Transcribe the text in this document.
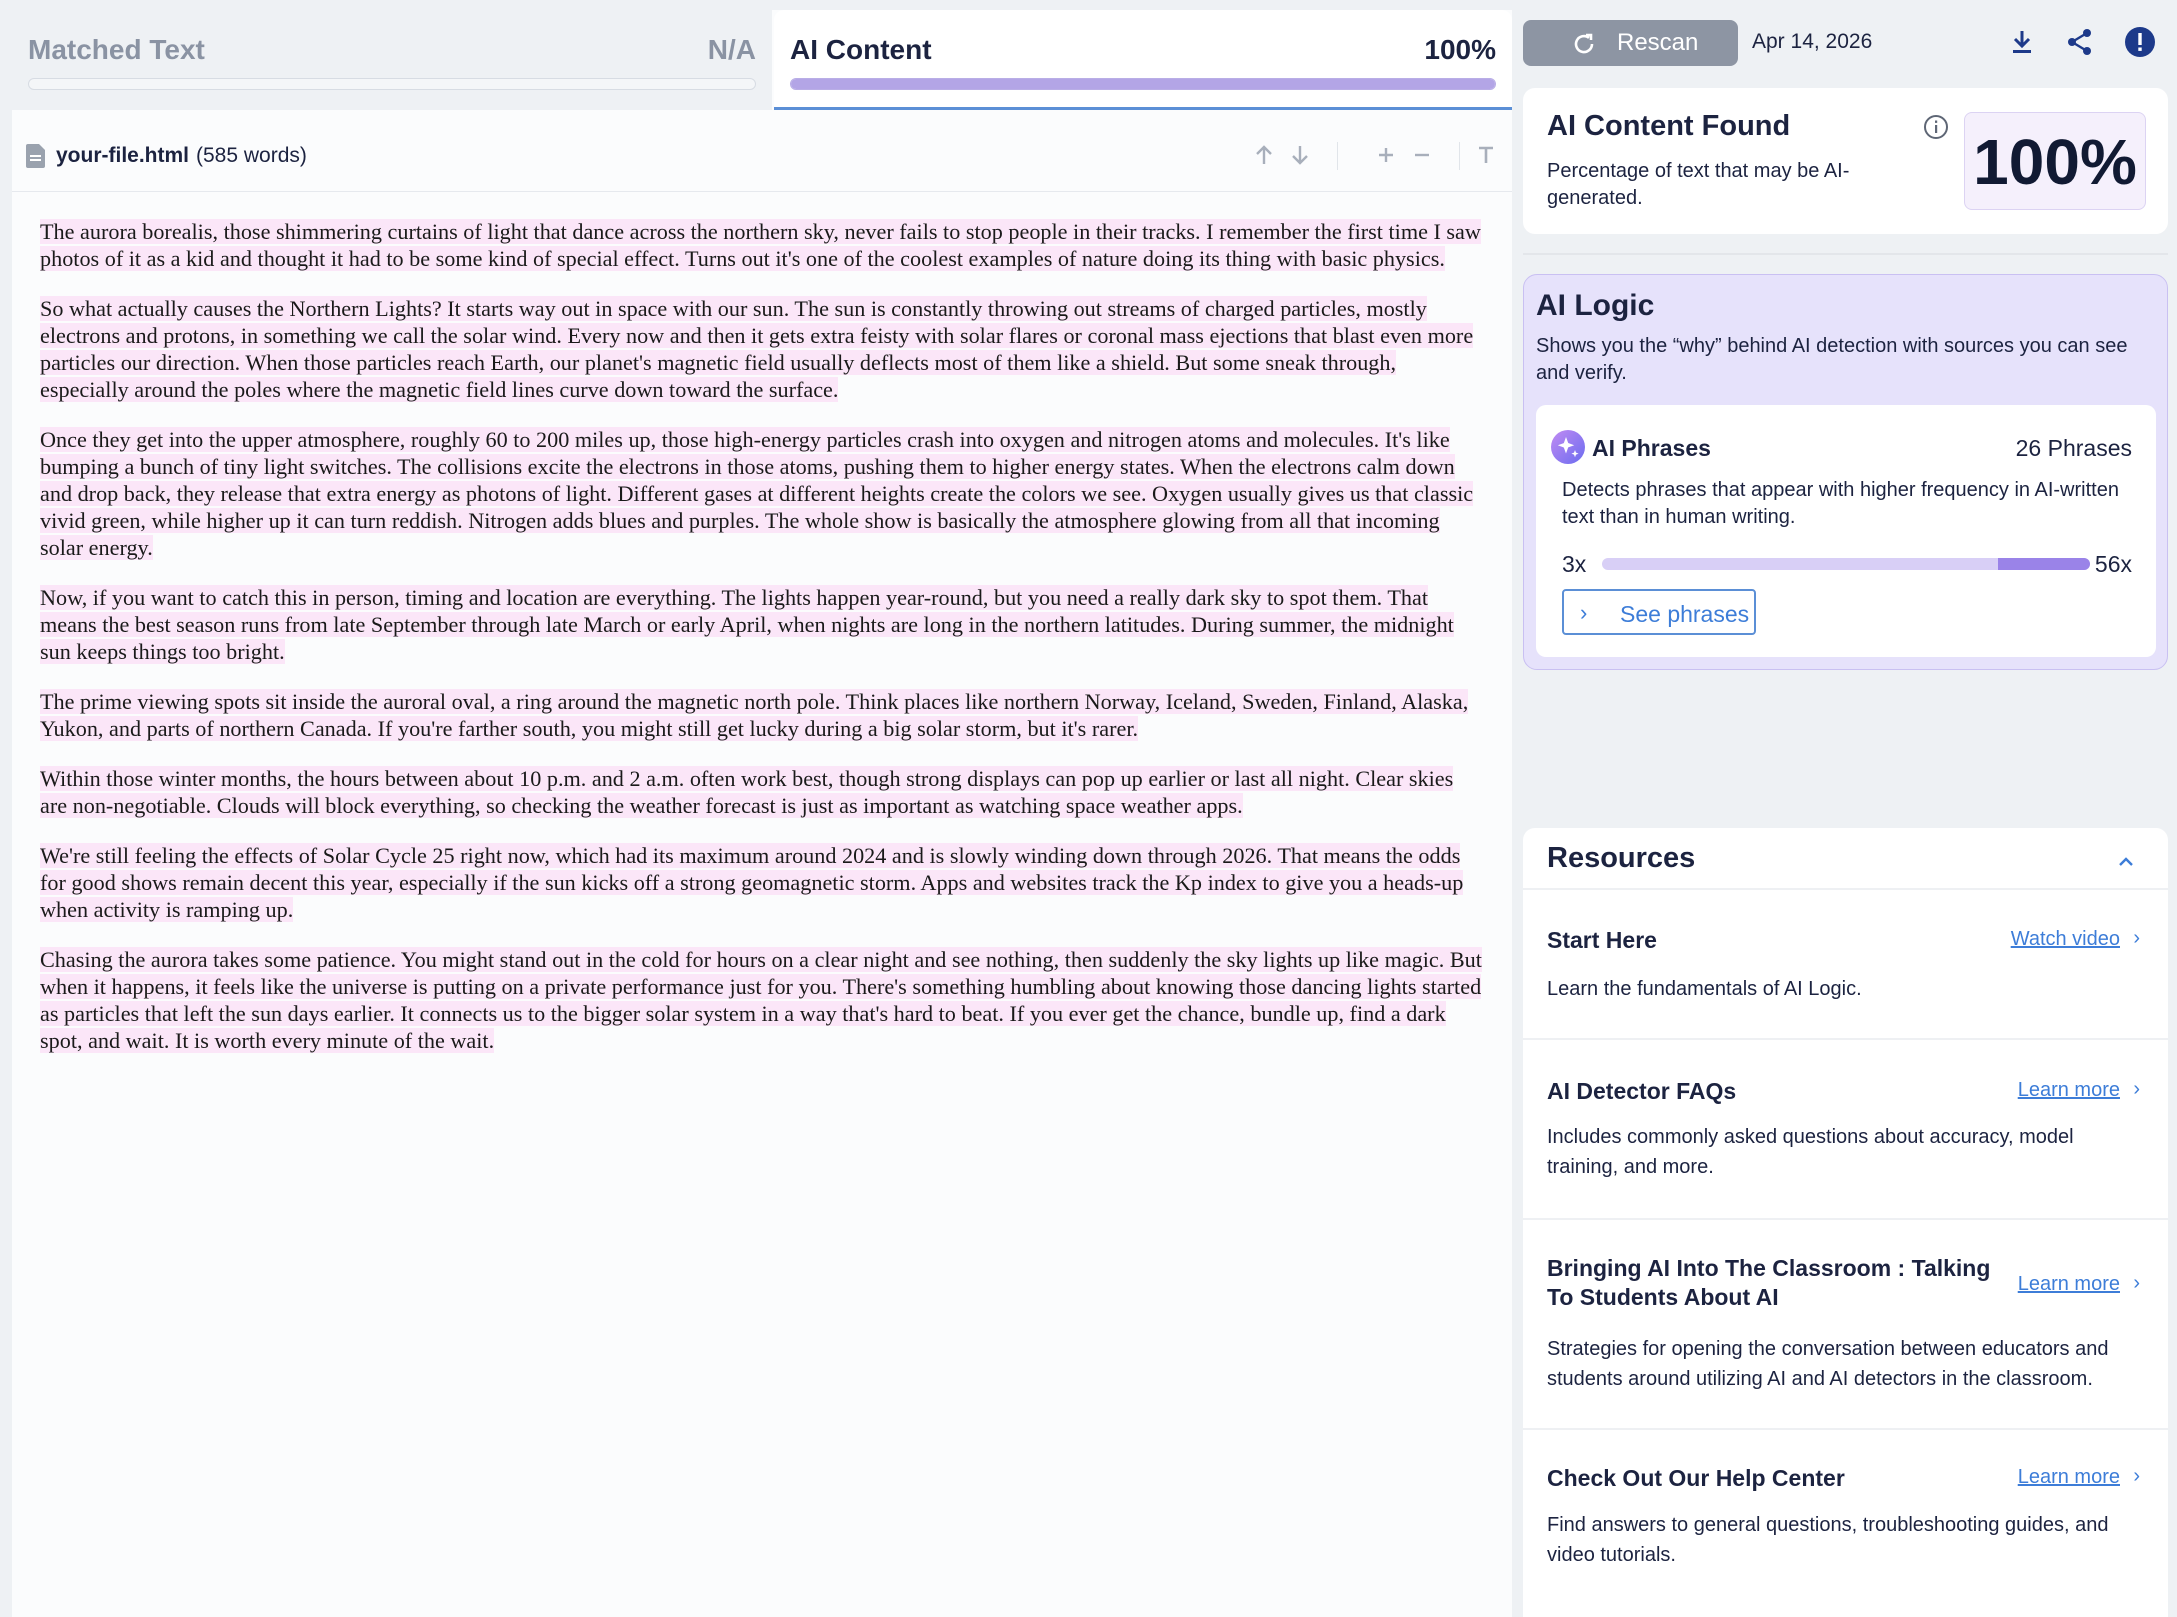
Matched Text	N/A AI Content	100%
your-file.html (585 words)

The aurora borealis, those shimmering curtains of light that dance across the northern sky, never fails to stop people in their tracks. I remember the first time I saw photos of it as a kid and thought it had to be some kind of special effect. Turns out it's one of the coolest examples of nature doing its thing with basic physics.

So what actually causes the Northern Lights? It starts way out in space with our sun. The sun is constantly throwing out streams of charged particles, mostly electrons and protons, in something we call the solar wind. Every now and then it gets extra feisty with solar flares or coronal mass ejections that blast even more particles our direction. When those particles reach Earth, our planet's magnetic field usually deflects most of them like a shield. But some sneak through, especially around the poles where the magnetic field lines curve down toward the surface.

Once they get into the upper atmosphere, roughly 60 to 200 miles up, those high-energy particles crash into oxygen and nitrogen atoms and molecules. It's like bumping a bunch of tiny light switches. The collisions excite the electrons in those atoms, pushing them to higher energy states. When the electrons calm down and drop back, they release that extra energy as photons of light. Different gases at different heights create the colors we see. Oxygen usually gives us that classic vivid green, while higher up it can turn reddish. Nitrogen adds blues and purples. The whole show is basically the atmosphere glowing from all that incoming solar energy.

Now, if you want to catch this in person, timing and location are everything. The lights happen year-round, but you need a really dark sky to spot them. That means the best season runs from late September through late March or early April, when nights are long in the northern latitudes. During summer, the midnight sun keeps things too bright.

The prime viewing spots sit inside the auroral oval, a ring around the magnetic north pole. Think places like northern Norway, Iceland, Sweden, Finland, Alaska, Yukon, and parts of northern Canada. If you're farther south, you might still get lucky during a big solar storm, but it's rarer.

Within those winter months, the hours between about 10 p.m. and 2 a.m. often work best, though strong displays can pop up earlier or last all night. Clear skies are non-negotiable. Clouds will block everything, so checking the weather forecast is just as important as watching space weather apps.

We're still feeling the effects of Solar Cycle 25 right now, which had its maximum around 2024 and is slowly winding down through 2026. That means the odds for good shows remain decent this year, especially if the sun kicks off a strong geomagnetic storm. Apps and websites track the Kp index to give you a heads-up when activity is ramping up.

Chasing the aurora takes some patience. You might stand out in the cold for hours on a clear night and see nothing, then suddenly the sky lights up like magic. But when it happens, it feels like the universe is putting on a private performance just for you. There's something humbling about knowing those dancing lights started as particles that left the sun days earlier. It connects us to the bigger solar system in a way that's hard to beat. If you ever get the chance, bundle up, find a dark spot, and wait. It is worth every minute of the wait.

Rescan	Apr 14, 2026
AI Content Found
Percentage of text that may be AI-generated.	100%
AI Logic
Shows you the “why” behind AI detection with sources you can see and verify.
AI Phrases	26 Phrases
Detects phrases that appear with higher frequency in AI-written text than in human writing.
3x	56x
› See phrases
Resources
Start Here	Watch video ›
Learn the fundamentals of AI Logic.
AI Detector FAQs	Learn more ›
Includes commonly asked questions about accuracy, model training, and more.
Bringing AI Into The Classroom : Talking To Students About AI	Learn more ›
Strategies for opening the conversation between educators and students around utilizing AI and AI detectors in the classroom.
Check Out Our Help Center	Learn more ›
Find answers to general questions, troubleshooting guides, and video tutorials.
